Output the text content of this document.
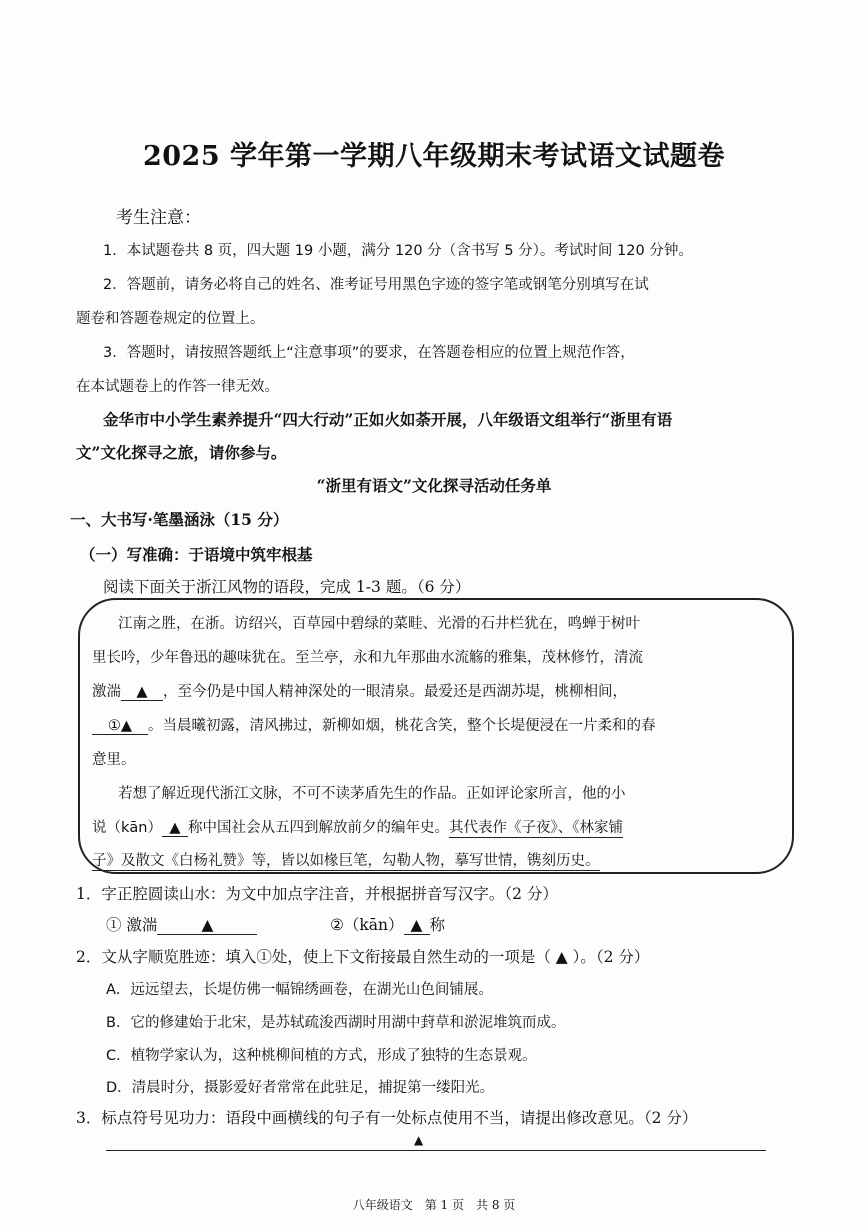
2025 学年第一学期八年级期末考试语文试题卷
考生注意：
1．本试题卷共 8 页，四大题 19 小题，满分 120 分（含书写 5 分）。考试时间 120 分钟。
2．答题前，请务必将自己的姓名、准考证号用黑色字迹的签字笔或钢笔分别填写在试
题卷和答题卷规定的位置上。
3．答题时，请按照答题纸上“注意事项”的要求，在答题卷相应的位置上规范作答，
在本试题卷上的作答一律无效。
金华市中小学生素养提升“四大行动”正如火如荼开展，八年级语文组举行“浙里有语
文”文化探寻之旅，请你参与。
“浙里有语文”文化探寻活动任务单
一、大书写·笔墨涵泳（15 分）
（一）写准确：于语境中筑牢根基
阅读下面关于浙江风物的语段，完成 1-3 题。（6 分）
江南之胜，在浙。访绍兴，百草园中碧绿的菜畦、光滑的石井栏犹在，鸣蝉于树叶
里长吟，少年鲁迅的趣味犹在。至兰亭，永和九年那曲水流觞的雅集，茂林修竹，清流
激湍 ▲ ，至今仍是中国人精神深处的一眼清泉。最爱还是西湖苏堤，桃柳相间，
①▲ 。当晨曦初露，清风拂过，新柳如烟，桃花含笑，整个长堤便浸在一片柔和的春
意里。
若想了解近现代浙江文脉，不可不读茅盾先生的作品。正如评论家所言，他的小
说（kān） ▲ 称中国社会从五四到解放前夕的编年史。其代表作《子夜》、《林家铺
子》及散文《白杨礼赞》等，皆以如椽巨笔，勾勒人物，摹写世情，镌刻历史。
1．字正腔圆读山水：为文中加点字注音，并根据拼音写汉字。（2 分）
① 激湍	▲	②（kān） ▲ 称
2．文从字顺览胜迹：填入①处，使上下文衔接最自然生动的一项是（ ▲ ）。（2 分）
A．远远望去，长堤仿佛一幅锦绣画卷，在湖光山色间铺展。
B．它的修建始于北宋，是苏轼疏浚西湖时用湖中葑草和淤泥堆筑而成。
C．植物学家认为，这种桃柳间植的方式，形成了独特的生态景观。
D．清晨时分，摄影爱好者常常在此驻足，捕捉第一缕阳光。
3．标点符号见功力：语段中画横线的句子有一处标点使用不当，请提出修改意见。（2 分）
▲
八年级语文　第 1 页　共 8 页
